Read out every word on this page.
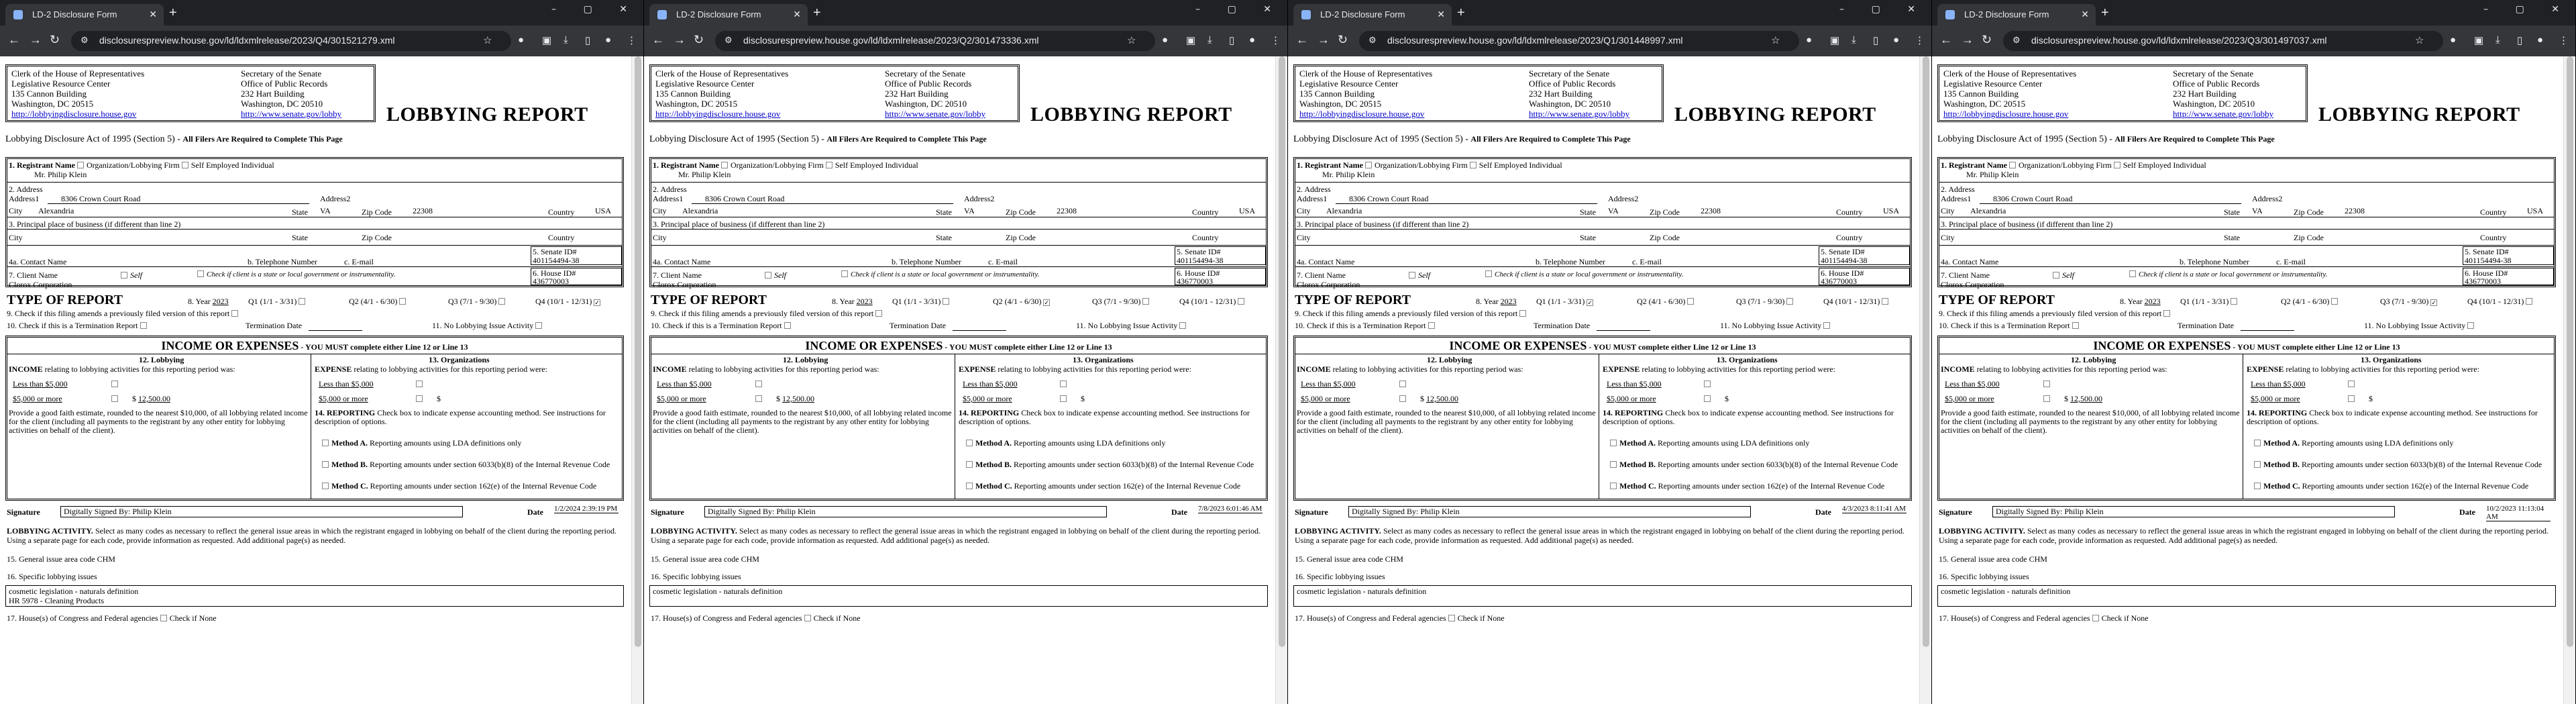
LD-2 Disclosure Form	✕ +	– ▢ ✕
← → ↻ ⚙ disclosurespreview.house.gov/ld/ldxmlrelease/2023/Q4/301521279.xml	☆	● ▣ ⤓ ▯ ● ⋮
Clerk of the House of Representatives
Legislative Resource Center
135 Cannon Building
Washington, DC 20515
http://lobbyingdisclosure.house.gov
Secretary of the Senate
Office of Public Records
232 Hart Building
Washington, DC 20510
http://www.senate.gov/lobby LOBBYING REPORT
Lobbying Disclosure Act of 1995 (Section 5) - All Filers Are Required to Complete This Page
1. Registrant Name Organization/Lobbying Firm Self Employed Individual
Mr. Philip Klein
2. Address
Address1	8306 Crown Court Road	Address2
City Alexandria	State VA	Zip Code	22308	Country	USA
3. Principal place of business (if different than line 2)
City	State	Zip Code	Country
4a. Contact Name	b. Telephone Number	c. E-mail
5. Senate ID#
401154494-38
7. Client Name	Self	Check if client is a state or local government or instrumentality.
Clorox Corporation
6. House ID#
436770003
TYPE OF REPORT	8. Year 2023 Q1 (1/1 - 3/31)	Q2 (4/1 - 6/30)	Q3 (7/1 - 9/30)	Q4 (10/1 - 12/31) ✓
9. Check if this filing amends a previously filed version of this report
10. Check if this is a Termination Report	Termination Date	11. No Lobbying Issue Activity
INCOME OR EXPENSES - YOU MUST complete either Line 12 or Line 13
12. Lobbying	13. Organizations
INCOME relating to lobbying activities for this reporting period was:	EXPENSE relating to lobbying activities for this reporting period were:
Less than $5,000
$5,000 or more	$ 12,500.00
Less than $5,000
$5,000 or more	$
Provide a good faith estimate, rounded to the nearest $10,000, of all lobbying related income for the client (including all payments to the registrant by any other entity for lobbying activities on behalf of the client).
14. REPORTING Check box to indicate expense accounting method. See instructions for description of options.
Method A. Reporting amounts using LDA definitions only
Method B. Reporting amounts under section 6033(b)(8) of the Internal Revenue Code
Method C. Reporting amounts under section 162(e) of the Internal Revenue Code
Signature	Digitally Signed By: Philip Klein	Date 1/2/2024 2:39:19 PM
LOBBYING ACTIVITY. Select as many codes as necessary to reflect the general issue areas in which the registrant engaged in lobbying on behalf of the client during the reporting period. Using a separate page for each code, provide information as requested. Add additional page(s) as needed.
15. General issue area code CHM
16. Specific lobbying issues
cosmetic legislation - naturals definition
HR 5978 - Cleaning Products
17. House(s) of Congress and Federal agencies Check if None
LD-2 Disclosure Form	✕ +	– ▢ ✕
← → ↻ ⚙ disclosurespreview.house.gov/ld/ldxmlrelease/2023/Q2/301473336.xml	☆	● ▣ ⤓ ▯ ● ⋮
Clerk of the House of Representatives
Legislative Resource Center
135 Cannon Building
Washington, DC 20515
http://lobbyingdisclosure.house.gov
Secretary of the Senate
Office of Public Records
232 Hart Building
Washington, DC 20510
http://www.senate.gov/lobby LOBBYING REPORT
Lobbying Disclosure Act of 1995 (Section 5) - All Filers Are Required to Complete This Page
1. Registrant Name Organization/Lobbying Firm Self Employed Individual
Mr. Philip Klein
2. Address
Address1	8306 Crown Court Road	Address2
City Alexandria	State VA	Zip Code	22308	Country	USA
3. Principal place of business (if different than line 2)
City	State	Zip Code	Country
4a. Contact Name	b. Telephone Number	c. E-mail
5. Senate ID#
401154494-38
7. Client Name	Self	Check if client is a state or local government or instrumentality.
Clorox Corporation
6. House ID#
436770003
TYPE OF REPORT	8. Year 2023 Q1 (1/1 - 3/31)	Q2 (4/1 - 6/30) ✓	Q3 (7/1 - 9/30)	Q4 (10/1 - 12/31)
9. Check if this filing amends a previously filed version of this report
10. Check if this is a Termination Report	Termination Date	11. No Lobbying Issue Activity
INCOME OR EXPENSES - YOU MUST complete either Line 12 or Line 13
12. Lobbying	13. Organizations
INCOME relating to lobbying activities for this reporting period was:	EXPENSE relating to lobbying activities for this reporting period were:
Less than $5,000
$5,000 or more	$ 12,500.00
Less than $5,000
$5,000 or more	$
Provide a good faith estimate, rounded to the nearest $10,000, of all lobbying related income for the client (including all payments to the registrant by any other entity for lobbying activities on behalf of the client).
14. REPORTING Check box to indicate expense accounting method. See instructions for description of options.
Method A. Reporting amounts using LDA definitions only
Method B. Reporting amounts under section 6033(b)(8) of the Internal Revenue Code
Method C. Reporting amounts under section 162(e) of the Internal Revenue Code
Signature	Digitally Signed By: Philip Klein	Date 7/8/2023 6:01:46 AM
LOBBYING ACTIVITY. Select as many codes as necessary to reflect the general issue areas in which the registrant engaged in lobbying on behalf of the client during the reporting period. Using a separate page for each code, provide information as requested. Add additional page(s) as needed.
15. General issue area code CHM
16. Specific lobbying issues
cosmetic legislation - naturals definition
17. House(s) of Congress and Federal agencies Check if None
LD-2 Disclosure Form	✕ +	– ▢ ✕
← → ↻ ⚙ disclosurespreview.house.gov/ld/ldxmlrelease/2023/Q1/301448997.xml	☆	● ▣ ⤓ ▯ ● ⋮
Clerk of the House of Representatives
Legislative Resource Center
135 Cannon Building
Washington, DC 20515
http://lobbyingdisclosure.house.gov
Secretary of the Senate
Office of Public Records
232 Hart Building
Washington, DC 20510
http://www.senate.gov/lobby LOBBYING REPORT
Lobbying Disclosure Act of 1995 (Section 5) - All Filers Are Required to Complete This Page
1. Registrant Name Organization/Lobbying Firm Self Employed Individual
Mr. Philip Klein
2. Address
Address1	8306 Crown Court Road	Address2
City Alexandria	State VA	Zip Code	22308	Country	USA
3. Principal place of business (if different than line 2)
City	State	Zip Code	Country
4a. Contact Name	b. Telephone Number	c. E-mail
5. Senate ID#
401154494-38
7. Client Name	Self	Check if client is a state or local government or instrumentality.
Clorox Corporation
6. House ID#
436770003
TYPE OF REPORT	8. Year 2023 Q1 (1/1 - 3/31) ✓	Q2 (4/1 - 6/30)	Q3 (7/1 - 9/30)	Q4 (10/1 - 12/31)
9. Check if this filing amends a previously filed version of this report
10. Check if this is a Termination Report	Termination Date	11. No Lobbying Issue Activity
INCOME OR EXPENSES - YOU MUST complete either Line 12 or Line 13
12. Lobbying	13. Organizations
INCOME relating to lobbying activities for this reporting period was:	EXPENSE relating to lobbying activities for this reporting period were:
Less than $5,000
$5,000 or more	$ 12,500.00
Less than $5,000
$5,000 or more	$
Provide a good faith estimate, rounded to the nearest $10,000, of all lobbying related income for the client (including all payments to the registrant by any other entity for lobbying activities on behalf of the client).
14. REPORTING Check box to indicate expense accounting method. See instructions for description of options.
Method A. Reporting amounts using LDA definitions only
Method B. Reporting amounts under section 6033(b)(8) of the Internal Revenue Code
Method C. Reporting amounts under section 162(e) of the Internal Revenue Code
Signature	Digitally Signed By: Philip Klein	Date 4/3/2023 8:11:41 AM
LOBBYING ACTIVITY. Select as many codes as necessary to reflect the general issue areas in which the registrant engaged in lobbying on behalf of the client during the reporting period. Using a separate page for each code, provide information as requested. Add additional page(s) as needed.
15. General issue area code CHM
16. Specific lobbying issues
cosmetic legislation - naturals definition
17. House(s) of Congress and Federal agencies Check if None
LD-2 Disclosure Form	✕ +	– ▢ ✕
← → ↻ ⚙ disclosurespreview.house.gov/ld/ldxmlrelease/2023/Q3/301497037.xml	☆	● ▣ ⤓ ▯ ● ⋮
Clerk of the House of Representatives
Legislative Resource Center
135 Cannon Building
Washington, DC 20515
http://lobbyingdisclosure.house.gov
Secretary of the Senate
Office of Public Records
232 Hart Building
Washington, DC 20510
http://www.senate.gov/lobby LOBBYING REPORT
Lobbying Disclosure Act of 1995 (Section 5) - All Filers Are Required to Complete This Page
1. Registrant Name Organization/Lobbying Firm Self Employed Individual
Mr. Philip Klein
2. Address
Address1	8306 Crown Court Road	Address2
City Alexandria	State VA	Zip Code	22308	Country	USA
3. Principal place of business (if different than line 2)
City	State	Zip Code	Country
4a. Contact Name	b. Telephone Number	c. E-mail
5. Senate ID#
401154494-38
7. Client Name	Self	Check if client is a state or local government or instrumentality.
Clorox Corporation
6. House ID#
436770003
TYPE OF REPORT	8. Year 2023 Q1 (1/1 - 3/31)	Q2 (4/1 - 6/30)	Q3 (7/1 - 9/30) ✓	Q4 (10/1 - 12/31)
9. Check if this filing amends a previously filed version of this report
10. Check if this is a Termination Report	Termination Date	11. No Lobbying Issue Activity
INCOME OR EXPENSES - YOU MUST complete either Line 12 or Line 13
12. Lobbying	13. Organizations
INCOME relating to lobbying activities for this reporting period was:	EXPENSE relating to lobbying activities for this reporting period were:
Less than $5,000
$5,000 or more	$ 12,500.00
Less than $5,000
$5,000 or more	$
Provide a good faith estimate, rounded to the nearest $10,000, of all lobbying related income for the client (including all payments to the registrant by any other entity for lobbying activities on behalf of the client).
14. REPORTING Check box to indicate expense accounting method. See instructions for description of options.
Method A. Reporting amounts using LDA definitions only
Method B. Reporting amounts under section 6033(b)(8) of the Internal Revenue Code
Method C. Reporting amounts under section 162(e) of the Internal Revenue Code
Signature	Digitally Signed By: Philip Klein	Date 10/2/2023 11:13:04 AM
LOBBYING ACTIVITY. Select as many codes as necessary to reflect the general issue areas in which the registrant engaged in lobbying on behalf of the client during the reporting period. Using a separate page for each code, provide information as requested. Add additional page(s) as needed.
15. General issue area code CHM
16. Specific lobbying issues
cosmetic legislation - naturals definition
17. House(s) of Congress and Federal agencies Check if None
